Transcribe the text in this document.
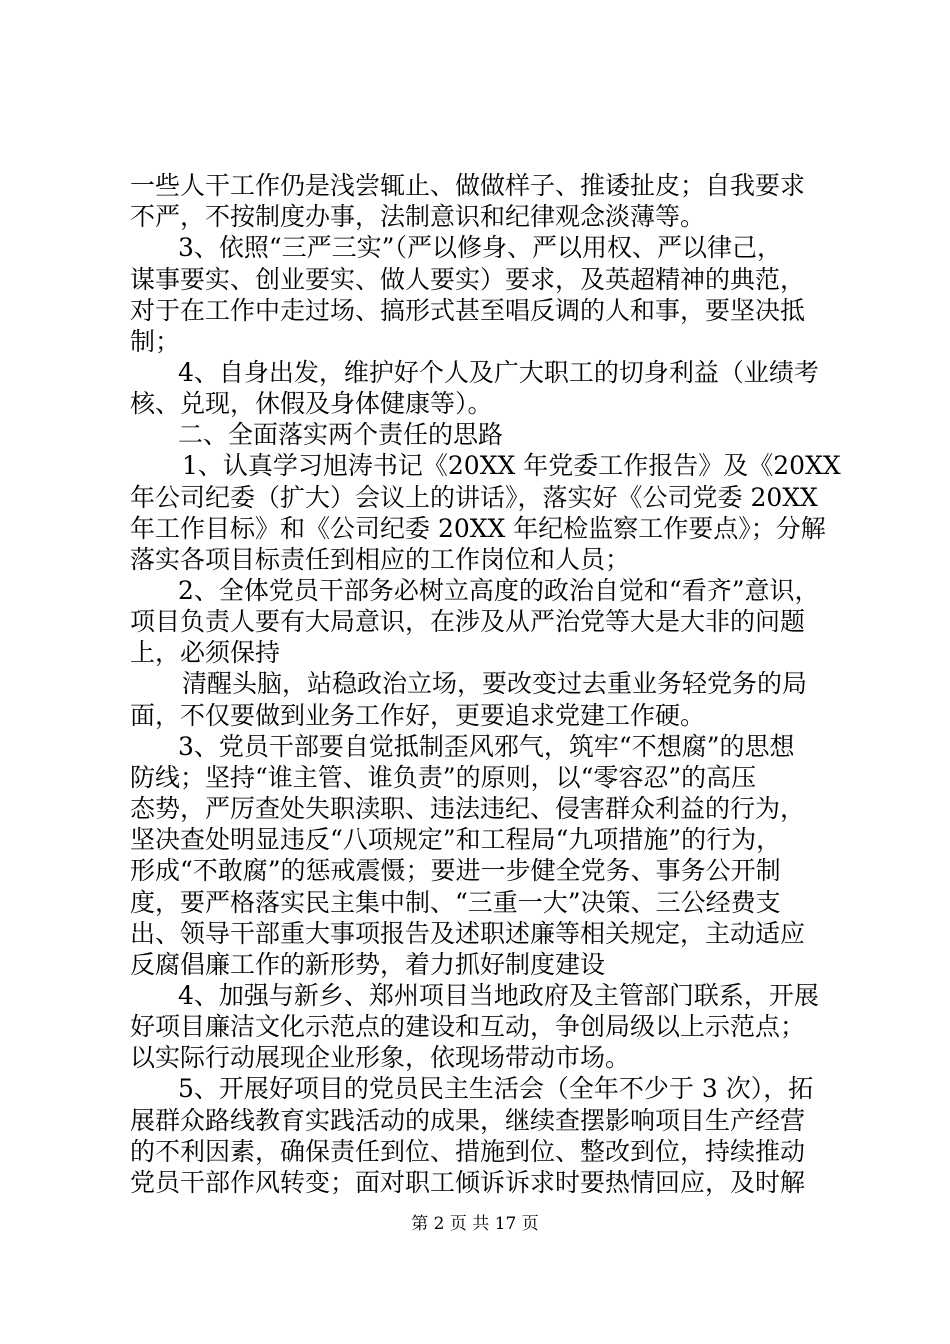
一些人干工作仍是浅尝辄止、做做样子、推诿扯皮；自我要求
不严，不按制度办事，法制意识和纪律观念淡薄等。
3、依照“三严三实”（严以修身、严以用权、严以律己，
谋事要实、创业要实、做人要实）要求，及英超精神的典范，
对于在工作中走过场、搞形式甚至唱反调的人和事，要坚决抵
制；
4、自身出发，维护好个人及广大职工的切身利益（业绩考
核、兑现，休假及身体健康等）。
二、全面落实两个责任的思路
1、认真学习旭涛书记《20XX 年党委工作报告》及《20XX
年公司纪委（扩大）会议上的讲话》，落实好《公司党委 20XX
年工作目标》和《公司纪委 20XX 年纪检监察工作要点》；分解
落实各项目标责任到相应的工作岗位和人员；
2、全体党员干部务必树立高度的政治自觉和“看齐”意识，
项目负责人要有大局意识，在涉及从严治党等大是大非的问题
上，必须保持
清醒头脑，站稳政治立场，要改变过去重业务轻党务的局
面，不仅要做到业务工作好，更要追求党建工作硬。
3、党员干部要自觉抵制歪风邪气，筑牢“不想腐”的思想
防线；坚持“谁主管、谁负责”的原则，以“零容忍”的高压
态势，严厉查处失职渎职、违法违纪、侵害群众利益的行为，
坚决查处明显违反“八项规定”和工程局“九项措施”的行为，
形成“不敢腐”的惩戒震慑；要进一步健全党务、事务公开制
度，要严格落实民主集中制、“三重一大”决策、三公经费支
出、领导干部重大事项报告及述职述廉等相关规定，主动适应
反腐倡廉工作的新形势，着力抓好制度建设
4、加强与新乡、郑州项目当地政府及主管部门联系，开展
好项目廉洁文化示范点的建设和互动，争创局级以上示范点；
以实际行动展现企业形象，依现场带动市场。
5、开展好项目的党员民主生活会（全年不少于 3 次），拓
展群众路线教育实践活动的成果，继续查摆影响项目生产经营
的不利因素，确保责任到位、措施到位、整改到位，持续推动
党员干部作风转变；面对职工倾诉诉求时要热情回应，及时解
第 2 页 共 17 页
